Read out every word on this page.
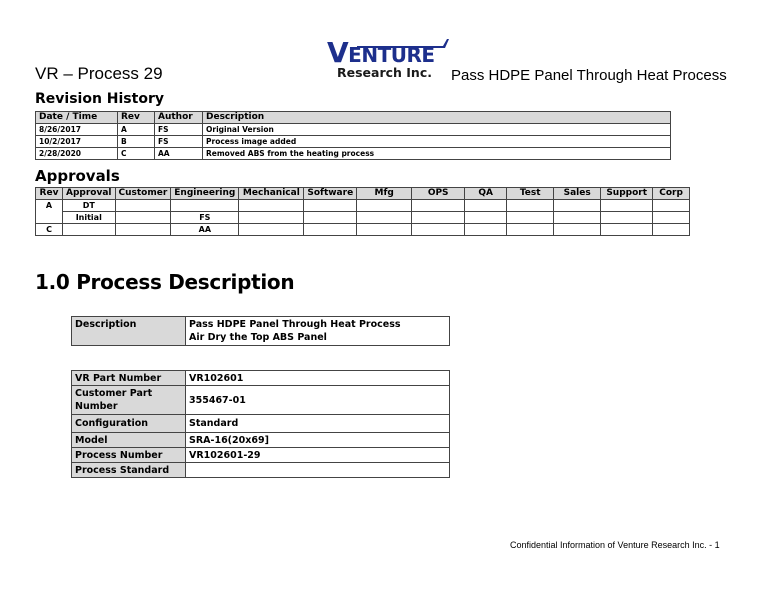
VENTURE
Research Inc.
VR – Process 29	Pass HDPE Panel Through Heat Process
Revision History
Date / Time	Rev	Author	Description
8/26/2017	A	FS	Original Version
10/2/2017	B	FS	Process image added
2/28/2020	C	AA	Removed ABS from the heating process
Approvals
Rev	Approval	Customer	Engineering	Mechanical	Software	Mfg	OPS	QA	Test	Sales	Support	Corp
A	DT											
	Initial		FS									
C			AA									
1.0 Process Description
Description	Pass HDPE Panel Through Heat Process
Air Dry the Top ABS Panel
VR Part Number	VR102601

Customer Part
Number	355467-01
Configuration	Standard
Model	SRA-16(20x69]
Process Number	VR102601-29
Process Standard	
Confidential Information of Venture Research Inc. - 1
